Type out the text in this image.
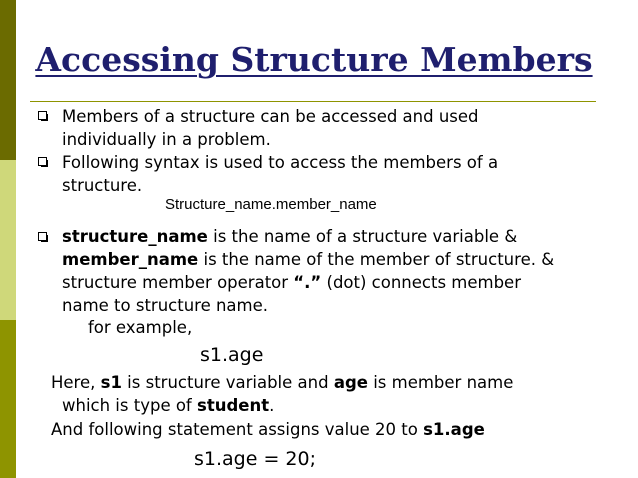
Accessing Structure Members
Members of a structure can be accessed and used
individually in a problem.
Following syntax is used to access the members of a
structure.
Structure_name.member_name
structure_name is the name of a structure variable &
member_name is the name of the member of structure. &
structure member operator “.” (dot) connects member
name to structure name.
for example,
s1.age
Here, s1 is structure variable and age is member name
which is type of student.
And following statement assigns value 20 to s1.age
s1.age = 20;
